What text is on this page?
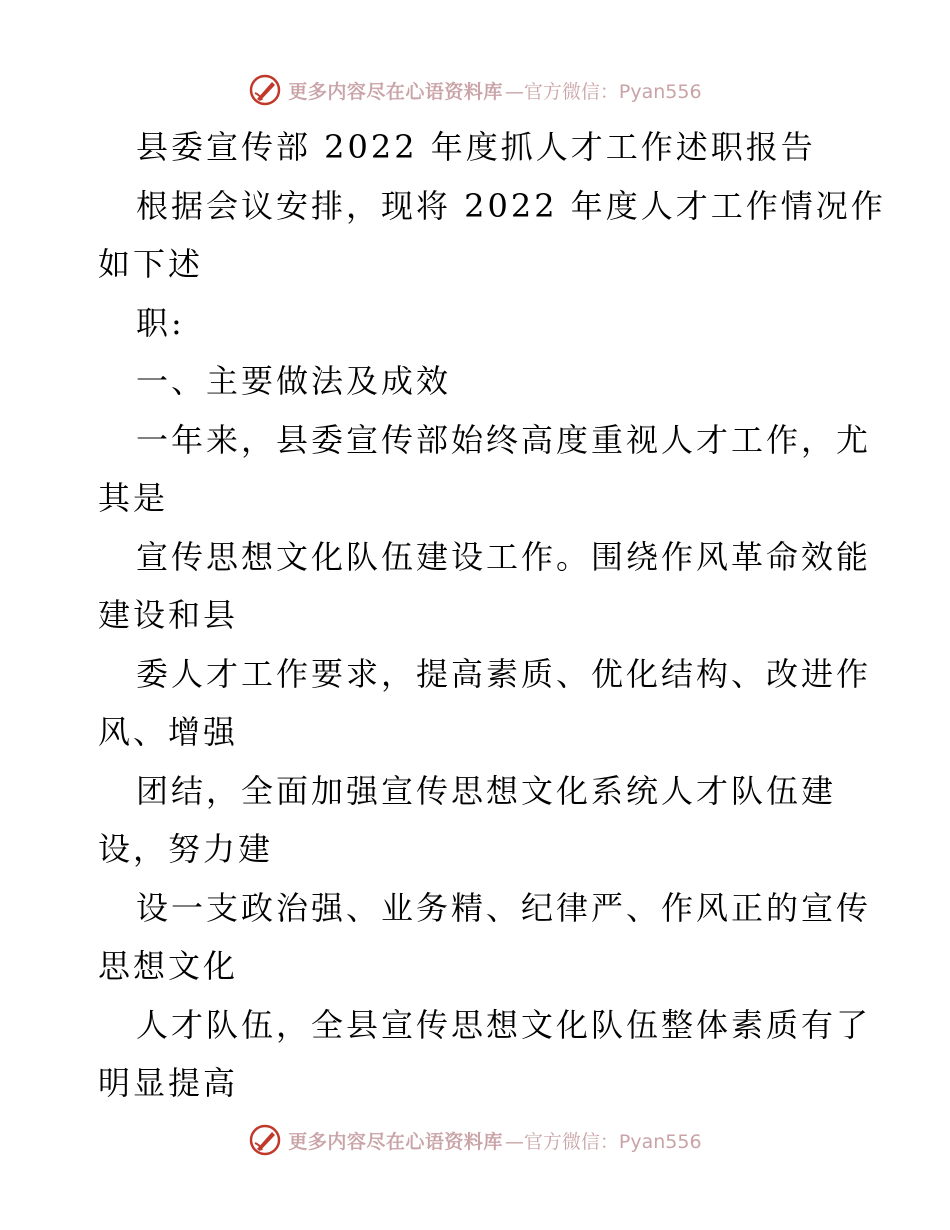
更多内容尽在心语资料库 —官方微信：Pyan556
县委宣传部 2022 年度抓人才工作述职报告
根据会议安排，现将 2022 年度人才工作情况作
如下述
职:
一、主要做法及成效
一年来，县委宣传部始终高度重视人才工作，尤
其是
宣传思想文化队伍建设工作。围绕作风革命效能
建设和县
委人才工作要求，提高素质、优化结构、改进作
风、增强
团结，全面加强宣传思想文化系统人才队伍建
设，努力建
设一支政治强、业务精、纪律严、作风正的宣传
思想文化
人才队伍，全县宣传思想文化队伍整体素质有了
明显提高
更多内容尽在心语资料库 —官方微信：Pyan556
